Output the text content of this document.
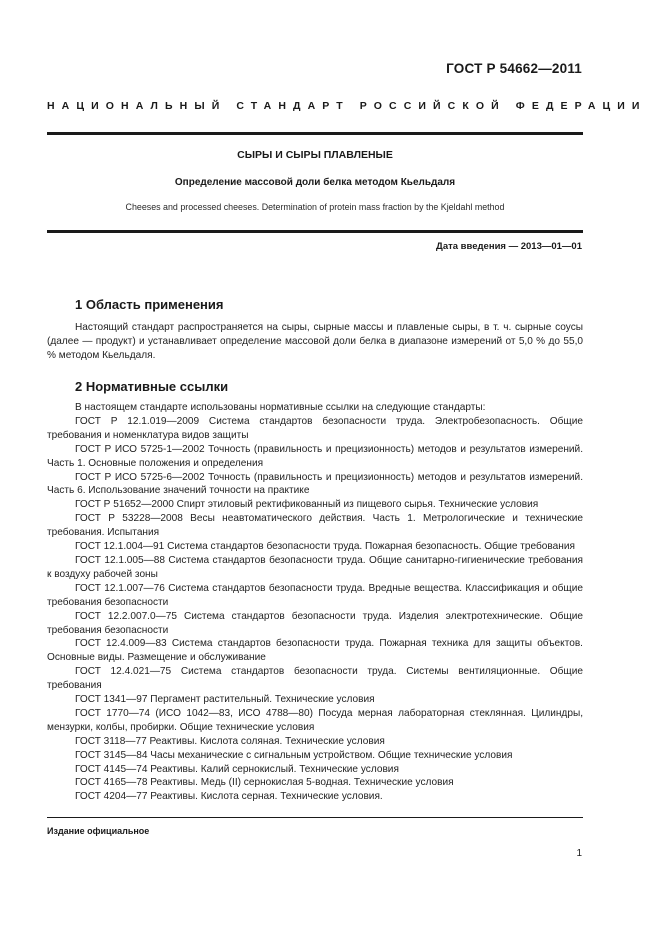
ГОСТ Р 54662—2011
НАЦИОНАЛЬНЫЙ СТАНДАРТ РОССИЙСКОЙ ФЕДЕРАЦИИ
СЫРЫ И СЫРЫ ПЛАВЛЕНЫЕ
Определение массовой доли белка методом Кьельдаля
Cheeses and processed cheeses. Determination of protein mass fraction by the Kjeldahl method
Дата введения — 2013—01—01
1 Область применения

Настоящий стандарт распространяется на сыры, сырные массы и плавленые сыры, в т. ч. сырные соусы (далее — продукт) и устанавливает определение массовой доли белка в диапазоне измерений от 5,0 % до 55,0 % методом Кьельдаля.

2 Нормативные ссылки

В настоящем стандарте использованы нормативные ссылки на следующие стандарты:

ГОСТ Р 12.1.019—2009 Система стандартов безопасности труда. Электробезопасность. Общие требования и номенклатура видов защиты

ГОСТ Р ИСО 5725-1—2002 Точность (правильность и прецизионность) методов и результатов измерений. Часть 1. Основные положения и определения

ГОСТ Р ИСО 5725-6—2002 Точность (правильность и прецизионность) методов и результатов измерений. Часть 6. Использование значений точности на практике

ГОСТ Р 51652—2000 Спирт этиловый ректификованный из пищевого сырья. Технические условия

ГОСТ Р 53228—2008 Весы неавтоматического действия. Часть 1. Метрологические и технические требования. Испытания

ГОСТ 12.1.004—91 Система стандартов безопасности труда. Пожарная безопасность. Общие требования

ГОСТ 12.1.005—88 Система стандартов безопасности труда. Общие санитарно-гигиенические требования к воздуху рабочей зоны

ГОСТ 12.1.007—76 Система стандартов безопасности труда. Вредные вещества. Классификация и общие требования безопасности

ГОСТ 12.2.007.0—75 Система стандартов безопасности труда. Изделия электротехнические. Общие требования безопасности

ГОСТ 12.4.009—83 Система стандартов безопасности труда. Пожарная техника для защиты объектов. Основные виды. Размещение и обслуживание

ГОСТ 12.4.021—75 Система стандартов безопасности труда. Системы вентиляционные. Общие требования

ГОСТ 1341—97 Пергамент растительный. Технические условия

ГОСТ 1770—74 (ИСО 1042—83, ИСО 4788—80) Посуда мерная лабораторная стеклянная. Цилиндры, мензурки, колбы, пробирки. Общие технические условия

ГОСТ 3118—77 Реактивы. Кислота соляная. Технические условия

ГОСТ 3145—84 Часы механические с сигнальным устройством. Общие технические условия

ГОСТ 4145—74 Реактивы. Калий сернокислый. Технические условия

ГОСТ 4165—78 Реактивы. Медь (II) сернокислая 5-водная. Технические условия

ГОСТ 4204—77 Реактивы. Кислота серная. Технические условия.

Издание официальное
1
